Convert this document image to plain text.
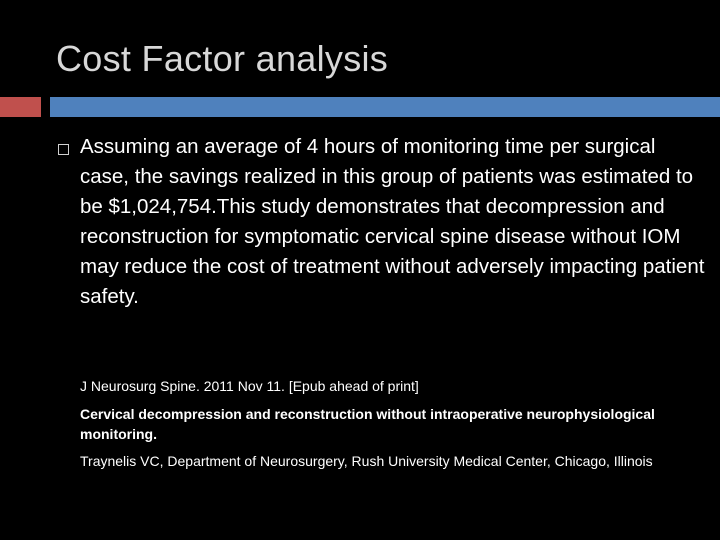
Cost Factor analysis
Assuming an average of 4 hours of monitoring time per surgical case, the savings realized in this group of patients was estimated to be $1,024,754.This study demonstrates that decompression and reconstruction for symptomatic cervical spine disease without IOM may reduce the cost of treatment without adversely impacting patient safety.
J Neurosurg Spine. 2011 Nov 11. [Epub ahead of print]
Cervical decompression and reconstruction without intraoperative neurophysiological monitoring.
Traynelis VC, Department of Neurosurgery, Rush University Medical Center, Chicago, Illinois
